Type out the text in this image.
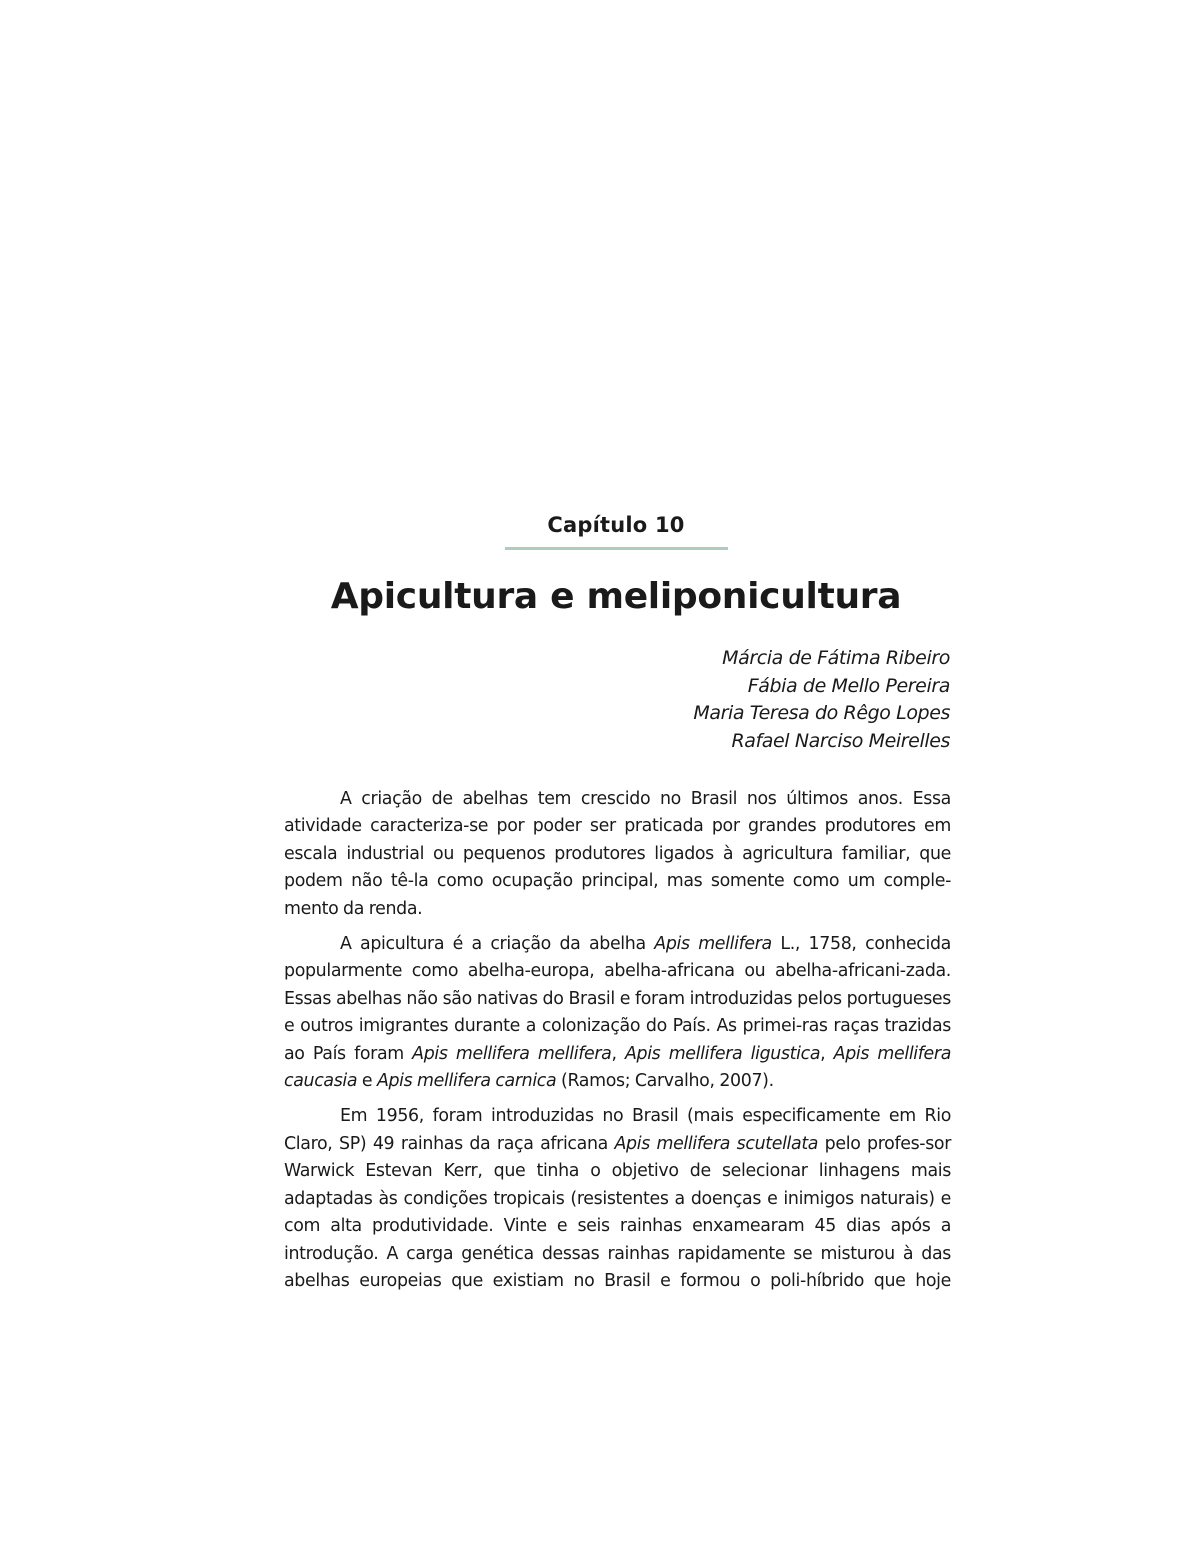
Capítulo 10
Apicultura e meliponicultura
Márcia de Fátima Ribeiro
Fábia de Mello Pereira
Maria Teresa do Rêgo Lopes
Rafael Narciso Meirelles

A criação de abelhas tem crescido no Brasil nos últimos anos. Essa atividade caracteriza-se por poder ser praticada por grandes produtores em escala industrial ou pequenos produtores ligados à agricultura familiar, que podem não tê-la como ocupação principal, mas somente como um comple-mento da renda.

A apicultura é a criação da abelha Apis mellifera L., 1758, conhecida popularmente como abelha-europa, abelha-africana ou abelha-africani-zada. Essas abelhas não são nativas do Brasil e foram introduzidas pelos portugueses e outros imigrantes durante a colonização do País. As primei-ras raças trazidas ao País foram Apis mellifera mellifera, Apis mellifera ligustica, Apis mellifera caucasia e Apis mellifera carnica (Ramos; Carvalho, 2007).

Em 1956, foram introduzidas no Brasil (mais especificamente em Rio Claro, SP) 49 rainhas da raça africana Apis mellifera scutellata pelo profes-sor Warwick Estevan Kerr, que tinha o objetivo de selecionar linhagens mais adaptadas às condições tropicais (resistentes a doenças e inimigos naturais) e com alta produtividade. Vinte e seis rainhas enxamearam 45 dias após a introdução. A carga genética dessas rainhas rapidamente se misturou à das abelhas europeias que existiam no Brasil e formou o poli-híbrido que hoje
